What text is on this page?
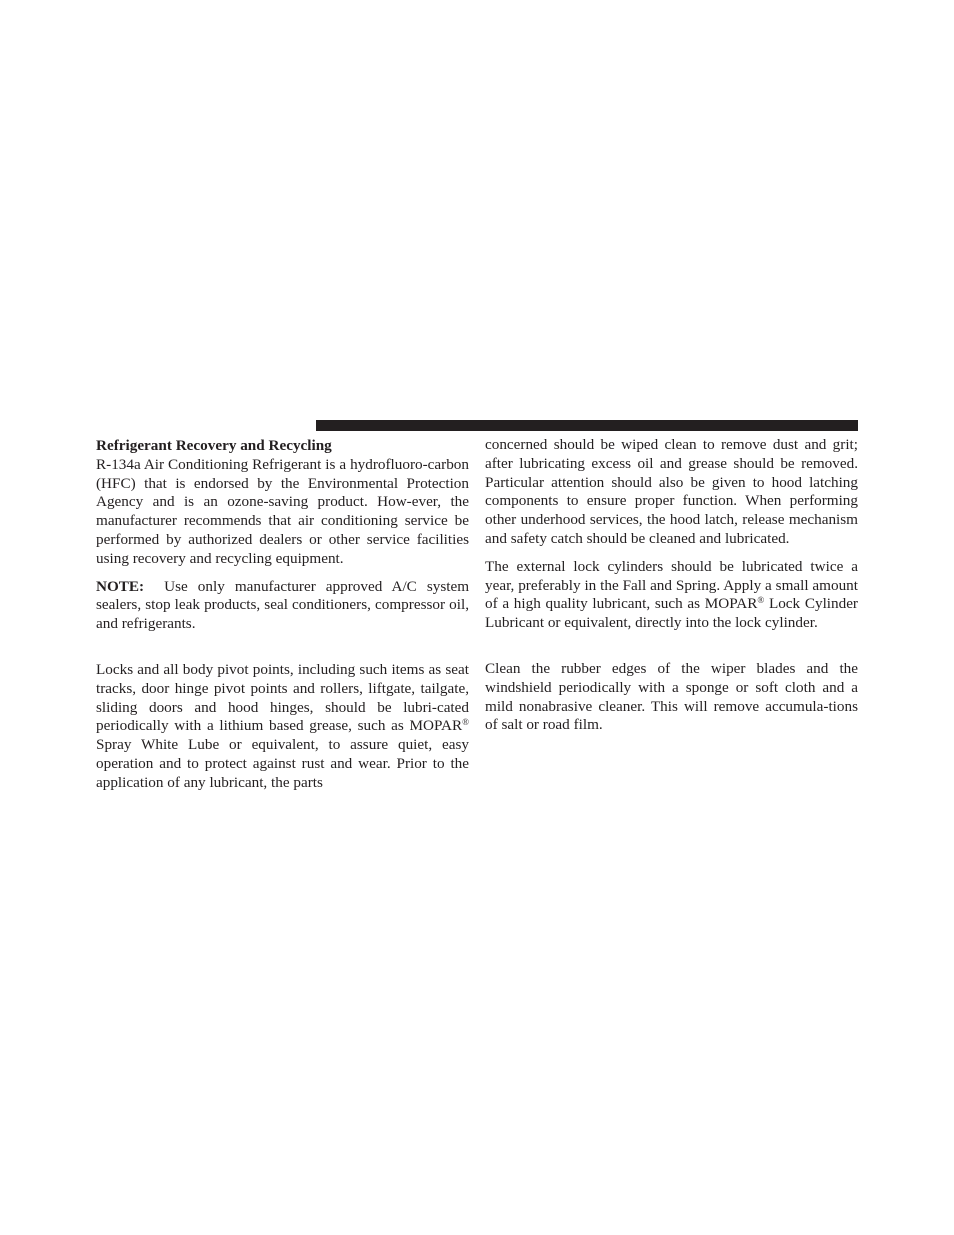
Refrigerant Recovery and Recycling

R-134a Air Conditioning Refrigerant is a hydrofluoro-carbon (HFC) that is endorsed by the Environmental Protection Agency and is an ozone-saving product. How-ever, the manufacturer recommends that air conditioning service be performed by authorized dealers or other service facilities using recovery and recycling equipment.

NOTE: Use only manufacturer approved A/C system sealers, stop leak products, seal conditioners, compressor oil, and refrigerants.

Locks and all body pivot points, including such items as seat tracks, door hinge pivot points and rollers, liftgate, tailgate, sliding doors and hood hinges, should be lubri-cated periodically with a lithium based grease, such as MOPAR® Spray White Lube or equivalent, to assure quiet, easy operation and to protect against rust and wear. Prior to the application of any lubricant, the parts

concerned should be wiped clean to remove dust and grit; after lubricating excess oil and grease should be removed. Particular attention should also be given to hood latching components to ensure proper function. When performing other underhood services, the hood latch, release mechanism and safety catch should be cleaned and lubricated.

The external lock cylinders should be lubricated twice a year, preferably in the Fall and Spring. Apply a small amount of a high quality lubricant, such as MOPAR® Lock Cylinder Lubricant or equivalent, directly into the lock cylinder.

Clean the rubber edges of the wiper blades and the windshield periodically with a sponge or soft cloth and a mild nonabrasive cleaner. This will remove accumula-tions of salt or road film.
